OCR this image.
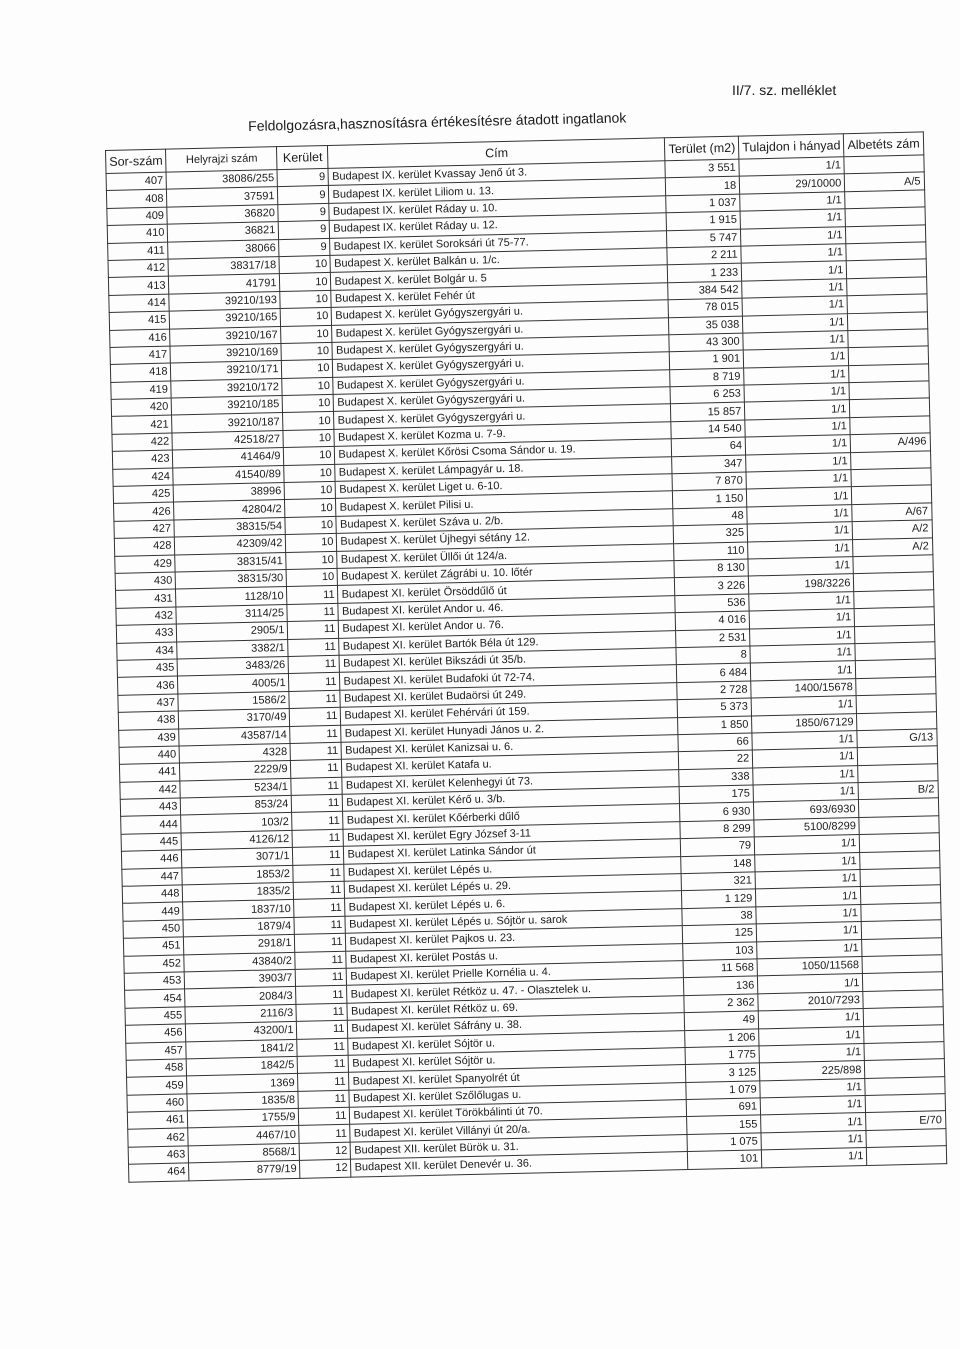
II/7. sz. melléklet
Feldolgozásra,hasznosításra értékesítésre átadott ingatlanok
Sor-szám	Helyrajzi szám	Kerület	Cím	Terület (m2)	Tulajdon i hányad	Albetéts zám
407	38086/255	9	Budapest IX. kerület Kvassay Jenő út 3.	3 551	1/1	
408	37591	9	Budapest IX. kerület Liliom u. 13.	18	29/10000	A/5
409	36820	9	Budapest IX. kerület Ráday u. 10.	1 037	1/1	
410	36821	9	Budapest IX. kerület Ráday u. 12.	1 915	1/1	
411	38066	9	Budapest IX. kerület Soroksári út 75-77.	5 747	1/1	
412	38317/18	10	Budapest X. kerület Balkán u. 1/c.	2 211	1/1	
413	41791	10	Budapest X. kerület Bolgár u. 5	1 233	1/1	
414	39210/193	10	Budapest X. kerület Fehér út	384 542	1/1	
415	39210/165	10	Budapest X. kerület Gyógyszergyári u.	78 015	1/1	
416	39210/167	10	Budapest X. kerület Gyógyszergyári u.	35 038	1/1	
417	39210/169	10	Budapest X. kerület Gyógyszergyári u.	43 300	1/1	
418	39210/171	10	Budapest X. kerület Gyógyszergyári u.	1 901	1/1	
419	39210/172	10	Budapest X. kerület Gyógyszergyári u.	8 719	1/1	
420	39210/185	10	Budapest X. kerület Gyógyszergyári u.	6 253	1/1	
421	39210/187	10	Budapest X. kerület Gyógyszergyári u.	15 857	1/1	
422	42518/27	10	Budapest X. kerület Kozma u. 7-9.	14 540	1/1	
423	41464/9	10	Budapest X. kerület Kőrösi Csoma Sándor u. 19.	64	1/1	A/496
424	41540/89	10	Budapest X. kerület Lámpagyár u. 18.	347	1/1	
425	38996	10	Budapest X. kerület Liget u. 6-10.	7 870	1/1	
426	42804/2	10	Budapest X. kerület Pilisi u.	1 150	1/1	
427	38315/54	10	Budapest X. kerület Száva u. 2/b.	48	1/1	A/67
428	42309/42	10	Budapest X. kerület Újhegyi sétány 12.	325	1/1	A/2
429	38315/41	10	Budapest X. kerület Üllői út 124/a.	110	1/1	A/2
430	38315/30	10	Budapest X. kerület Zágrábi u. 10. lőtér	8 130	1/1	
431	1128/10	11	Budapest XI. kerület Örsöddűlő út	3 226	198/3226	
432	3114/25	11	Budapest XI. kerület Andor u. 46.	536	1/1	
433	2905/1	11	Budapest XI. kerület Andor u. 76.	4 016	1/1	
434	3382/1	11	Budapest XI. kerület Bartók Béla út 129.	2 531	1/1	
435	3483/26	11	Budapest XI. kerület Bikszádi út 35/b.	8	1/1	
436	4005/1	11	Budapest XI. kerület Budafoki út 72-74.	6 484	1/1	
437	1586/2	11	Budapest XI. kerület Budaörsi út 249.	2 728	1400/15678	
438	3170/49	11	Budapest XI. kerület Fehérvári út 159.	5 373	1/1	
439	43587/14	11	Budapest XI. kerület Hunyadi János u. 2.	1 850	1850/67129	
440	4328	11	Budapest XI. kerület Kanizsai u. 6.	66	1/1	G/13
441	2229/9	11	Budapest XI. kerület Katafa u.	22	1/1	
442	5234/1	11	Budapest XI. kerület Kelenhegyi út 73.	338	1/1	
443	853/24	11	Budapest XI. kerület Kérő u. 3/b.	175	1/1	B/2
444	103/2	11	Budapest XI. kerület Kőérberki dűlő	6 930	693/6930	
445	4126/12	11	Budapest XI. kerület Egry József 3-11	8 299	5100/8299	
446	3071/1	11	Budapest XI. kerület Latinka Sándor út	79	1/1	
447	1853/2	11	Budapest XI. kerület Lépés u.	148	1/1	
448	1835/2	11	Budapest XI. kerület Lépés u. 29.	321	1/1	
449	1837/10	11	Budapest XI. kerület Lépés u. 6.	1 129	1/1	
450	1879/4	11	Budapest XI. kerület Lépés u. Sójtör u. sarok	38	1/1	
451	2918/1	11	Budapest XI. kerület Pajkos u. 23.	125	1/1	
452	43840/2	11	Budapest XI. kerület Postás u.	103	1/1	
453	3903/7	11	Budapest XI. kerület Prielle Kornélia u. 4.	11 568	1050/11568	
454	2084/3	11	Budapest XI. kerület Rétköz u. 47. - Olasztelek u.	136	1/1	
455	2116/3	11	Budapest XI. kerület Rétköz u. 69.	2 362	2010/7293	
456	43200/1	11	Budapest XI. kerület Sáfrány u. 38.	49	1/1	
457	1841/2	11	Budapest XI. kerület Sójtör u.	1 206	1/1	
458	1842/5	11	Budapest XI. kerület Sójtör u.	1 775	1/1	
459	1369	11	Budapest XI. kerület Spanyolrét út	3 125	225/898	
460	1835/8	11	Budapest XI. kerület Szőlőlugas u.	1 079	1/1	
461	1755/9	11	Budapest XI. kerület Törökbálinti út 70.	691	1/1	
462	4467/10	11	Budapest XI. kerület Villányi út 20/a.	155	1/1	E/70
463	8568/1	12	Budapest XII. kerület Bürök u. 31.	1 075	1/1	
464	8779/19	12	Budapest XII. kerület Denevér u. 36.	101	1/1	
